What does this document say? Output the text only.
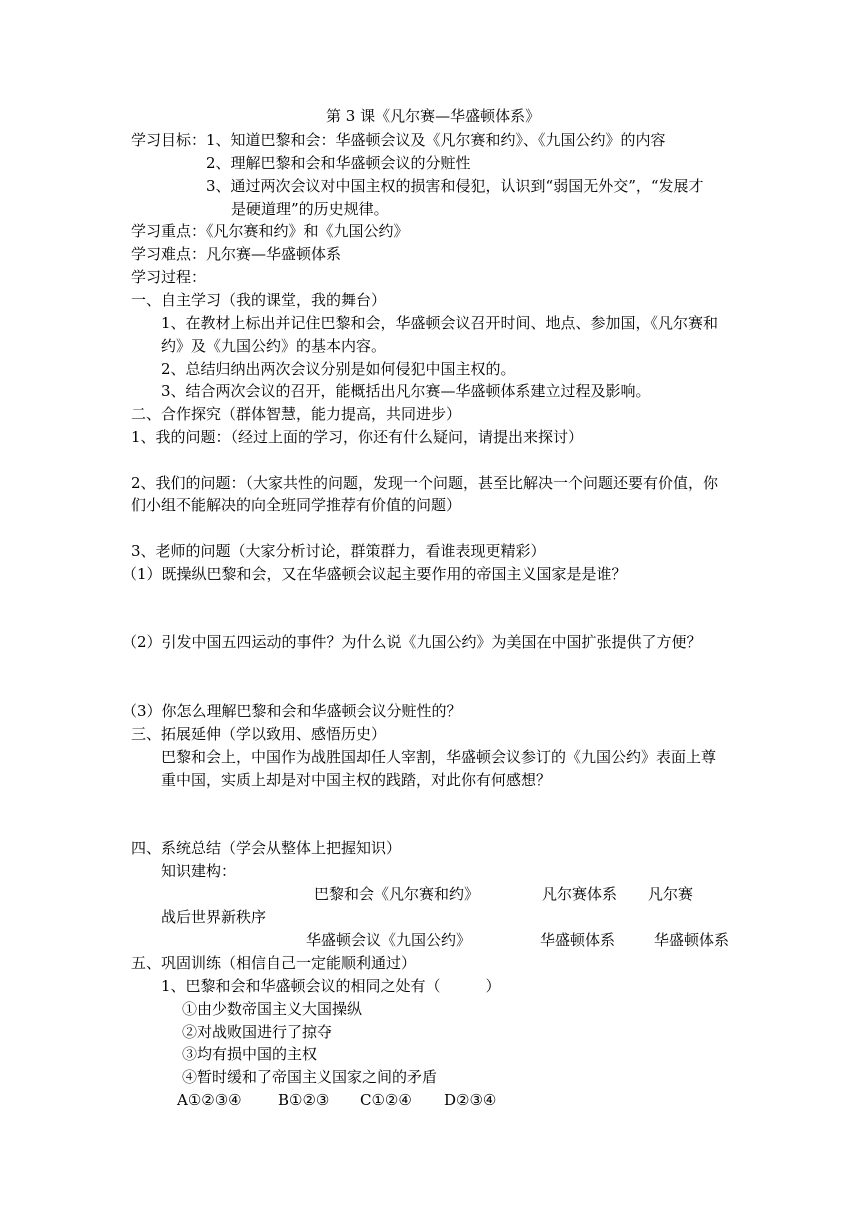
第 3 课《凡尔赛—华盛顿体系》
学习目标： 1、知道巴黎和会：华盛顿会议及《凡尔赛和约》、《九国公约》的内容
2、理解巴黎和会和华盛顿会议的分赃性
3、通过两次会议对中国主权的损害和侵犯，认识到“弱国无外交”，“发展才
是硬道理”的历史规律。
学习重点：《凡尔赛和约》和《九国公约》
学习难点：凡尔赛—华盛顿体系
学习过程：
一、自主学习（我的课堂，我的舞台）
1、在教材上标出并记住巴黎和会，华盛顿会议召开时间、地点、参加国，《凡尔赛和
约》及《九国公约》的基本内容。
2、总结归纳出两次会议分别是如何侵犯中国主权的。
3、结合两次会议的召开，能概括出凡尔赛—华盛顿体系建立过程及影响。
二、合作探究（群体智慧，能力提高，共同进步）
1、我的问题：（经过上面的学习，你还有什么疑问，请提出来探讨）
2、我们的问题：（大家共性的问题，发现一个问题，甚至比解决一个问题还要有价值，你
们小组不能解决的向全班同学推荐有价值的问题）
3、老师的问题（大家分析讨论，群策群力，看谁表现更精彩）
（1）既操纵巴黎和会，又在华盛顿会议起主要作用的帝国主义国家是是谁？
（2）引发中国五四运动的事件？为什么说《九国公约》为美国在中国扩张提供了方便？
（3）你怎么理解巴黎和会和华盛顿会议分赃性的？
三、拓展延伸（学以致用、感悟历史）
巴黎和会上，中国作为战胜国却任人宰割，华盛顿会议参订的《九国公约》表面上尊
重中国，实质上却是对中国主权的践踏，对此你有何感想？
四、系统总结（学会从整体上把握知识）
知识建构：
巴黎和会《凡尔赛和约》	凡尔赛体系 凡尔赛
战后世界新秩序
华盛顿会议《九国公约》	华盛顿体系	华盛顿体系
五、巩固训练（相信自己一定能顺利通过）
1、巴黎和会和华盛顿会议的相同之处有（　　　）
①由少数帝国主义大国操纵
②对战败国进行了掠夺
③均有损中国的主权
④暂时缓和了帝国主义国家之间的矛盾
A①②③④ B①②③ C①②④ D②③④
